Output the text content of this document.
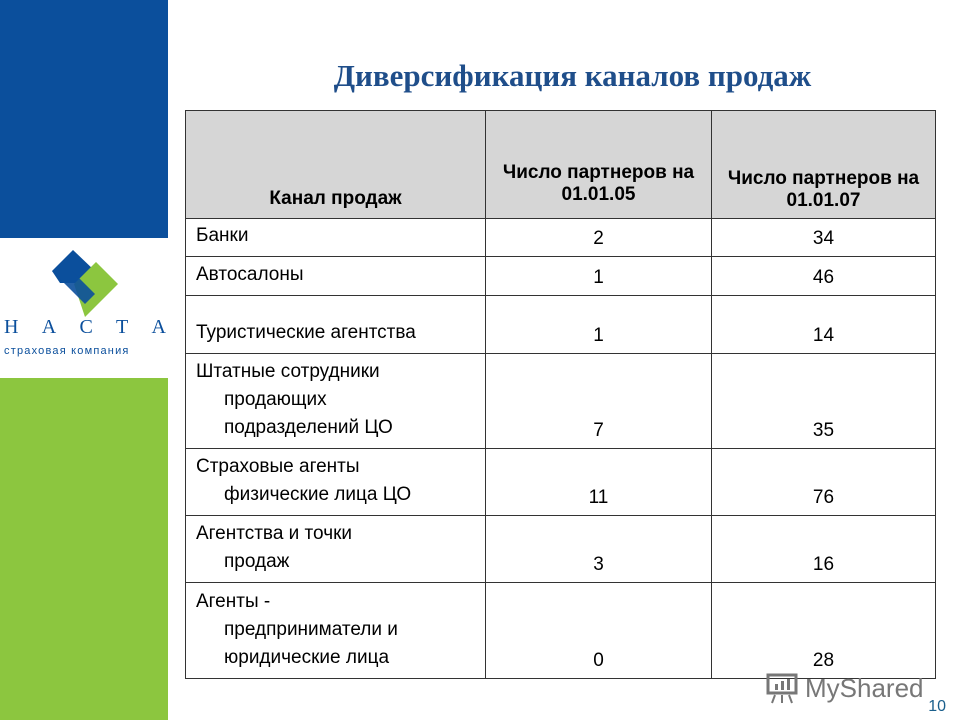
Н А С Т А
страховая компания
Диверсификация каналов продаж
Канал продаж	Число партнеров на 01.01.05	Число партнеров на 01.01.07

Банки	2	34

Автосалоны	1	46

Туристические агентства	1	14

Штатные сотрудники
продающих
подразделений ЦО	7	35

Страховые агенты
физические лица ЦО	11	76

Агентства и точки
продаж	3	16

Агенты -
предприниматели и
юридические лица	0	28
MyShared
10
